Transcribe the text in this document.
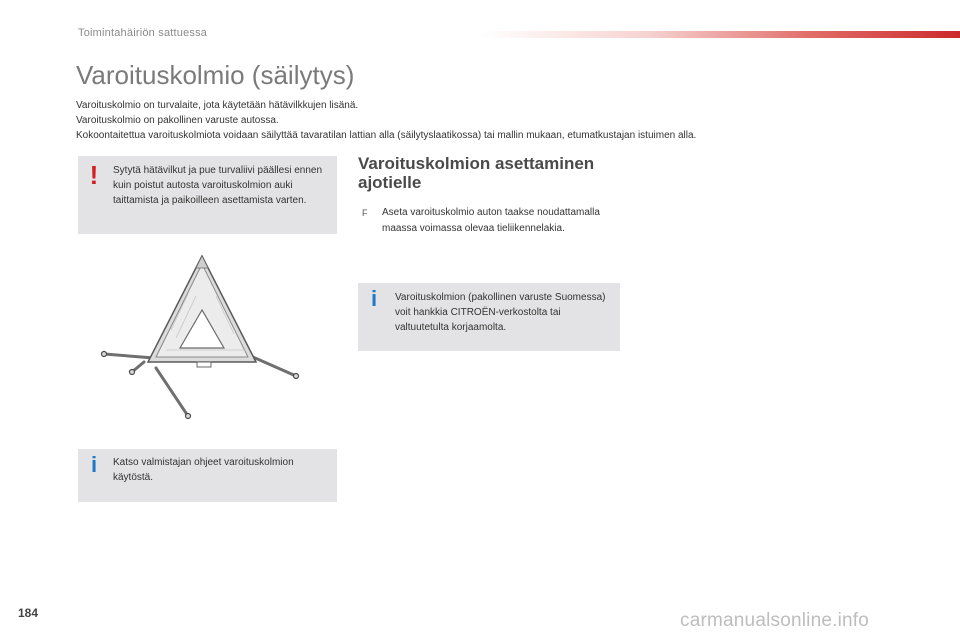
Toimintahäiriön sattuessa
Varoituskolmio (säilytys)

Varoituskolmio on turvalaite, jota käytetään hätävilkkujen lisänä.

Varoituskolmio on pakollinen varuste autossa.

Kokoontaitettua varoituskolmiota voidaan säilyttää tavaratilan lattian alla (säilytyslaatikossa) tai mallin mukaan, etumatkustajan istuimen alla.

!	Sytytä hätävilkut ja pue turvaliivi päällesi ennen kuin poistut autosta varoituskolmion auki taittamista ja paikoilleen asettamista varten.
Varoituskolmion asettaminen ajotielle
F Aseta varoituskolmio auton taakse noudattamalla maassa voimassa olevaa tieliikennelakia.
i	Varoituskolmion (pakollinen varuste Suomessa) voit hankkia CITROËN-verkostolta tai valtuutetulta korjaamolta.
i	Katso valmistajan ohjeet varoituskolmion käytöstä.
184	carmanualsonline.info
